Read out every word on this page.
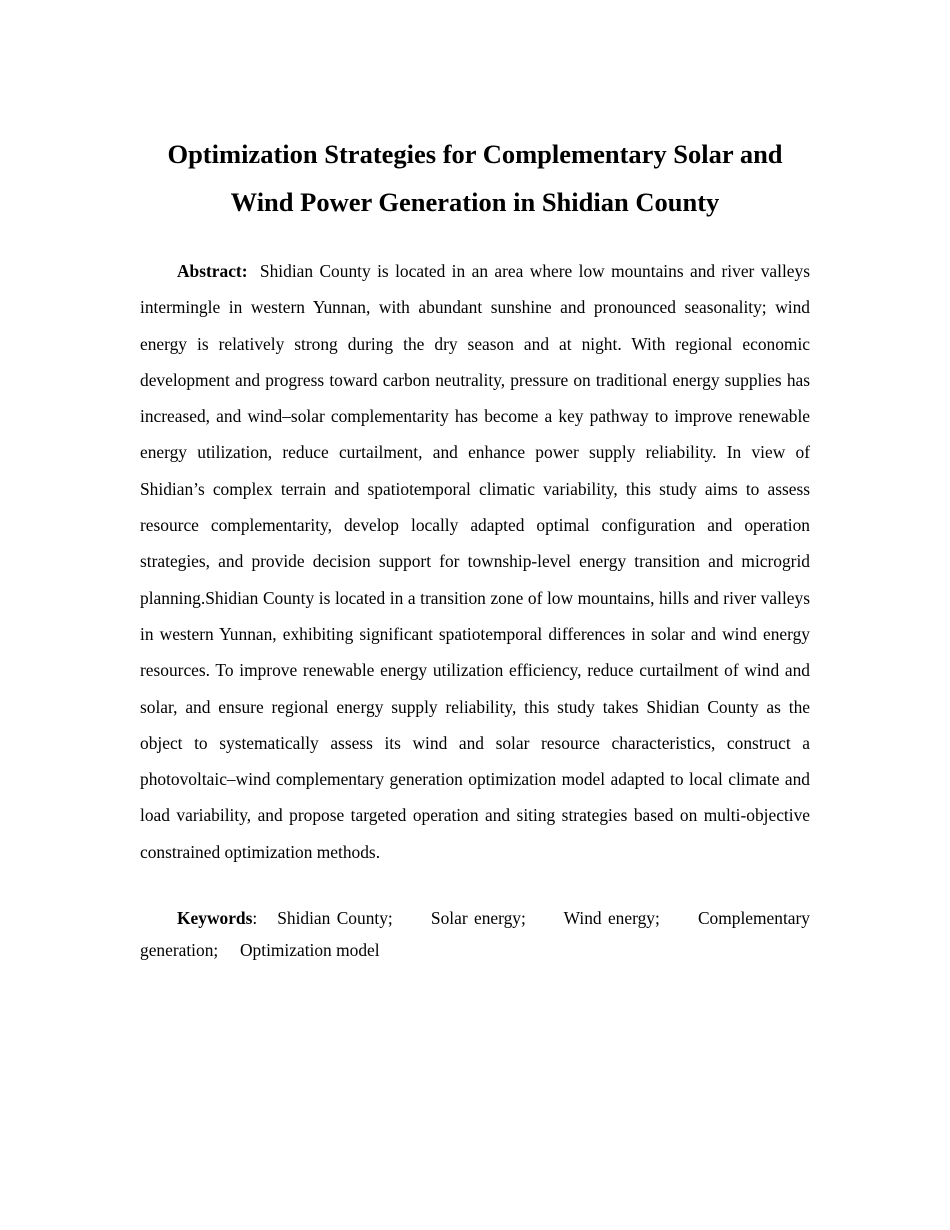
Optimization Strategies for Complementary Solar and
Wind Power Generation in Shidian County

Abstract: Shidian County is located in an area where low mountains and river valleys intermingle in western Yunnan, with abundant sunshine and pronounced seasonality; wind energy is relatively strong during the dry season and at night. With regional economic development and progress toward carbon neutrality, pressure on traditional energy supplies has increased, and wind–solar complementarity has become a key pathway to improve renewable energy utilization, reduce curtailment, and enhance power supply reliability. In view of Shidian’s complex terrain and spatiotemporal climatic variability, this study aims to assess resource complementarity, develop locally adapted optimal configuration and operation strategies, and provide decision support for township-level energy transition and microgrid planning.Shidian County is located in a transition zone of low mountains, hills and river valleys in western Yunnan, exhibiting significant spatiotemporal differences in solar and wind energy resources. To improve renewable energy utilization efficiency, reduce curtailment of wind and solar, and ensure regional energy supply reliability, this study takes Shidian County as the object to systematically assess its wind and solar resource characteristics, construct a photovoltaic–wind complementary generation optimization model adapted to local climate and load variability, and propose targeted operation and siting strategies based on multi-objective constrained optimization methods.

Keywords: Shidian County; Solar energy; Wind energy; Complementary generation; Optimization model
